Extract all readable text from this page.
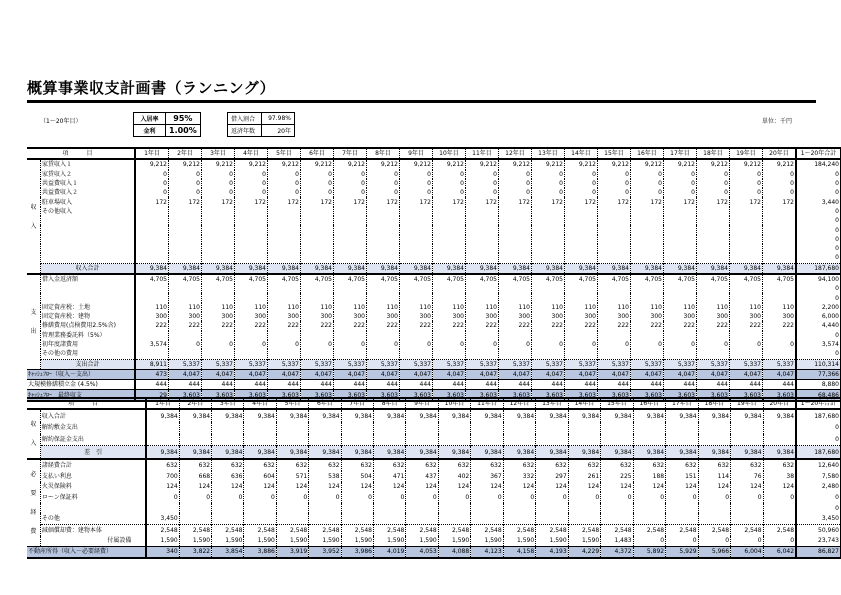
概算事業収支計画書（ランニング）
（1～20年目）	単位：千円
入居率	95%
金利	1.00%
借入割合	97.98%
返済年数	20年
項　目		1年目	2年目	3年目	4年目	5年目	6年目	7年目	8年目	9年目	10年目	11年目	12年目	13年目	14年目	15年目	16年目	17年目	18年目	19年目	20年目	1～20年合計

収
入	家賃収入１	9,212	9,212	9,212	9,212	9,212	9,212	9,212	9,212	9,212	9,212	9,212	9,212	9,212	9,212	9,212	9,212	9,212	9,212	9,212	9,212	184,240
	家賃収入２	0	0	0	0	0	0	0	0	0	0	0	0	0	0	0	0	0	0	0	0	0
	共益費収入１	0	0	0	0	0	0	0	0	0	0	0	0	0	0	0	0	0	0	0	0	0
	共益費収入２	0	0	0	0	0	0	0	0	0	0	0	0	0	0	0	0	0	0	0	0	0
	駐車場収入	172	172	172	172	172	172	172	172	172	172	172	172	172	172	172	172	172	172	172	172	3,440
	その他収入																					0
																						0
																						0
																						0
																						0
																						0
	収入合計	9,384	9,384	9,384	9,384	9,384	9,384	9,384	9,384	9,384	9,384	9,384	9,384	9,384	9,384	9,384	9,384	9,384	9,384	9,384	9,384	187,680

支
出	借入金返済額	4,705	4,705	4,705	4,705	4,705	4,705	4,705	4,705	4,705	4,705	4,705	4,705	4,705	4,705	4,705	4,705	4,705	4,705	4,705	4,705	94,100
																						0
																						0
	固定資産税：土地	110	110	110	110	110	110	110	110	110	110	110	110	110	110	110	110	110	110	110	110	2,200
	固定資産税：建物	300	300	300	300	300	300	300	300	300	300	300	300	300	300	300	300	300	300	300	300	6,000
	修繕費用(点検費用2.5%含)	222	222	222	222	222	222	222	222	222	222	222	222	222	222	222	222	222	222	222	222	4,440
	管理業務委託料（5%）																					0
	初年度諸費用	3,574	0	0	0	0	0	0	0	0	0	0	0	0	0	0	0	0	0	0	0	3,574
	その他の費用																					0
	支出合計	8,911	5,337	5,337	5,337	5,337	5,337	5,337	5,337	5,337	5,337	5,337	5,337	5,337	5,337	5,337	5,337	5,337	5,337	5,337	5,337	110,314
ｷｬｯｼｭﾌﾛｰ（収入－支出）		473	4,047	4,047	4,047	4,047	4,047	4,047	4,047	4,047	4,047	4,047	4,047	4,047	4,047	4,047	4,047	4,047	4,047	4,047	4,047	77,366
大規模修繕積立金 (4.5%)		444	444	444	444	444	444	444	444	444	444	444	444	444	444	444	444	444	444	444	444	8,880
ｷｬｯｼｭﾌﾛｰ　最終収支		29	3,603	3,603	3,603	3,603	3,603	3,603	3,603	3,603	3,603	3,603	3,603	3,603	3,603	3,603	3,603	3,603	3,603	3,603	3,603	68,486
項　目		1年目	2年目	3年目	4年目	5年目	6年目	7年目	8年目	9年目	10年目	11年目	12年目	13年目	14年目	15年目	16年目	17年目	18年目	19年目	20年目	1～20年合計

収
入	収入合計	9,384	9,384	9,384	9,384	9,384	9,384	9,384	9,384	9,384	9,384	9,384	9,384	9,384	9,384	9,384	9,384	9,384	9,384	9,384	9,384	187,680
	解約敷金支出																					0
	解約保証金支出																					0
	差　引	9,384	9,384	9,384	9,384	9,384	9,384	9,384	9,384	9,384	9,384	9,384	9,384	9,384	9,384	9,384	9,384	9,384	9,384	9,384	9,384	187,680

必
要
経
費	諸経費合計	632	632	632	632	632	632	632	632	632	632	632	632	632	632	632	632	632	632	632	632	12,640
	支払い利息	700	668	636	604	571	538	504	471	437	402	367	332	297	261	225	188	151	114	76	38	7,580
	火災保険料	124	124	124	124	124	124	124	124	124	124	124	124	124	124	124	124	124	124	124	124	2,480
	ローン保証料	0	0	0	0	0	0	0	0	0	0	0	0	0	0	0	0	0	0	0	0	0
																						0
	その他	3,450																				3,450
	減価償却費：建物本体	2,548	2,548	2,548	2,548	2,548	2,548	2,548	2,548	2,548	2,548	2,548	2,548	2,548	2,548	2,548	2,548	2,548	2,548	2,548	2,548	50,960
	付属設備	1,590	1,590	1,590	1,590	1,590	1,590	1,590	1,590	1,590	1,590	1,590	1,590	1,590	1,590	1,483	0	0	0	0	0	23,743
不動産所得（収入－必要経費）		340	3,822	3,854	3,886	3,919	3,952	3,986	4,019	4,053	4,088	4,123	4,158	4,193	4,229	4,372	5,892	5,929	5,966	6,004	6,042	86,827
